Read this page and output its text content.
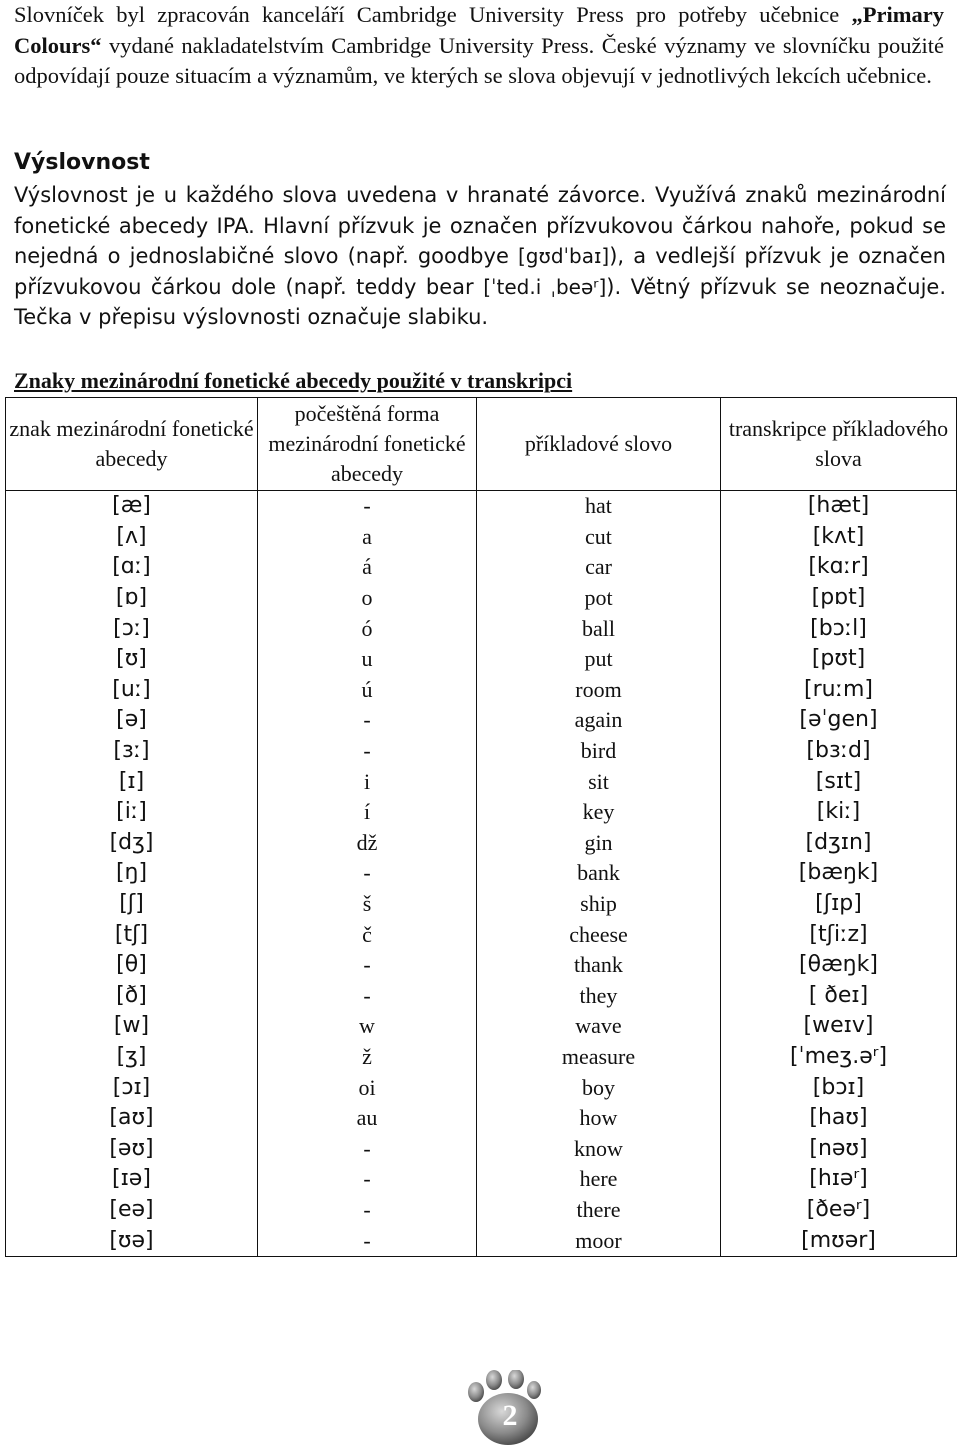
Slovníček byl zpracován kanceláří Cambridge University Press pro potřeby učebnice „Primary Colours“ vydané nakladatelstvím Cambridge University Press. České významy ve slovníčku použité odpovídají pouze situacím a významům, ve kterých se slova objevují v jednotlivých lekcích učebnice.
Výslovnost
Výslovnost je u každého slova uvedena v hranaté závorce. Využívá znaků mezinárodní fonetické abecedy IPA. Hlavní přízvuk je označen přízvukovou čárkou nahoře, pokud se nejedná o jednoslabičné slovo (např. goodbye [gʊdˈbaɪ]), a vedlejší přízvuk je označen přízvukovou čárkou dole (např. teddy bear [ˈted.i ˌbeəʳ]). Větný přízvuk se neoznačuje. Tečka v přepisu výslovnosti označuje slabiku.
Znaky mezinárodní fonetické abecedy použité v transkripci
znak mezinárodní fonetické abecedy	počeštěná forma mezinárodní fonetické abecedy	příkladové slovo	transkripce příkladového slova
[æ]	-	hat	[hæt]
[ʌ]	a	cut	[kʌt]
[ɑː]	á	car	[kɑːr]
[ɒ]	o	pot	[pɒt]
[ɔː]	ó	ball	[bɔːl]
[ʊ]	u	put	[pʊt]
[uː]	ú	room	[ruːm]
[ə]	-	again	[əˈgen]
[ɜː]	-	bird	[bɜːd]
[ɪ]	i	sit	[sɪt]
[iː]	í	key	[kiː]
[dʒ]	dž	gin	[dʒɪn]
[ŋ]	-	bank	[bæŋk]
[ʃ]	š	ship	[ʃɪp]
[tʃ]	č	cheese	[tʃiːz]
[θ]	-	thank	[θæŋk]
[ð]	-	they	[ ðeɪ]
[w]	w	wave	[weɪv]
[ʒ]	ž	measure	[ˈmeʒ.əʳ]
[ɔɪ]	oi	boy	[bɔɪ]
[aʊ]	au	how	[haʊ]
[əʊ]	-	know	[nəʊ]
[ɪə]	-	here	[hɪəʳ]
[eə]	-	there	[ðeəʳ]
[ʊə]	-	moor	[mʊər]
2
